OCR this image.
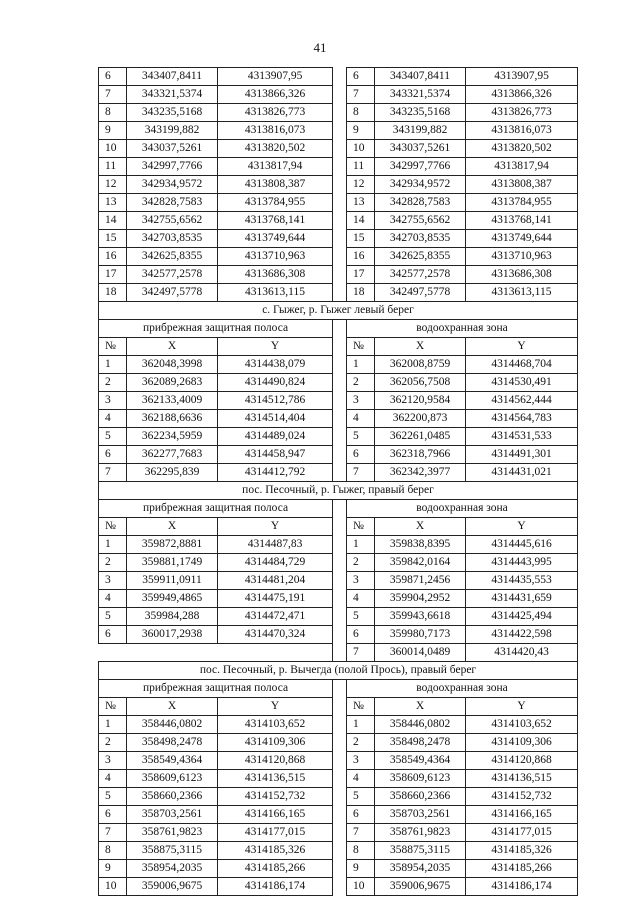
41
6	343407,8411	4313907,95		6	343407,8411	4313907,95
7	343321,5374	4313866,326		7	343321,5374	4313866,326
8	343235,5168	4313826,773		8	343235,5168	4313826,773
9	343199,882	4313816,073		9	343199,882	4313816,073
10	343037,5261	4313820,502		10	343037,5261	4313820,502
11	342997,7766	4313817,94		11	342997,7766	4313817,94
12	342934,9572	4313808,387		12	342934,9572	4313808,387
13	342828,7583	4313784,955		13	342828,7583	4313784,955
14	342755,6562	4313768,141		14	342755,6562	4313768,141
15	342703,8535	4313749,644		15	342703,8535	4313749,644
16	342625,8355	4313710,963		16	342625,8355	4313710,963
17	342577,2578	4313686,308		17	342577,2578	4313686,308
18	342497,5778	4313613,115		18	342497,5778	4313613,115
с. Гыжег, р. Гыжег левый берег						
прибрежная защитная полоса				водоохранная зона		
№	X	Y		№	X	Y
1	362048,3998	4314438,079		1	362008,8759	4314468,704
2	362089,2683	4314490,824		2	362056,7508	4314530,491
3	362133,4009	4314512,786		3	362120,9584	4314562,444
4	362188,6636	4314514,404		4	362200,873	4314564,783
5	362234,5959	4314489,024		5	362261,0485	4314531,533
6	362277,7683	4314458,947		6	362318,7966	4314491,301
7	362295,839	4314412,792		7	362342,3977	4314431,021
пос. Песочный, р. Гыжег, правый берег						
прибрежная защитная полоса				водоохранная зона		
№	X	Y		№	X	Y
1	359872,8881	4314487,83		1	359838,8395	4314445,616
2	359881,1749	4314484,729		2	359842,0164	4314443,995
3	359911,0911	4314481,204		3	359871,2456	4314435,553
4	359949,4865	4314475,191		4	359904,2952	4314431,659
5	359984,288	4314472,471		5	359943,6618	4314425,494
6	360017,2938	4314470,324		6	359980,7173	4314422,598
				7	360014,0489	4314420,43
пос. Песочный, р. Вычегда (полой Прось), правый берег						
прибрежная защитная полоса				водоохранная зона		
№	X	Y		№	X	Y
1	358446,0802	4314103,652		1	358446,0802	4314103,652
2	358498,2478	4314109,306		2	358498,2478	4314109,306
3	358549,4364	4314120,868		3	358549,4364	4314120,868
4	358609,6123	4314136,515		4	358609,6123	4314136,515
5	358660,2366	4314152,732		5	358660,2366	4314152,732
6	358703,2561	4314166,165		6	358703,2561	4314166,165
7	358761,9823	4314177,015		7	358761,9823	4314177,015
8	358875,3115	4314185,326		8	358875,3115	4314185,326
9	358954,2035	4314185,266		9	358954,2035	4314185,266
10	359006,9675	4314186,174		10	359006,9675	4314186,174
